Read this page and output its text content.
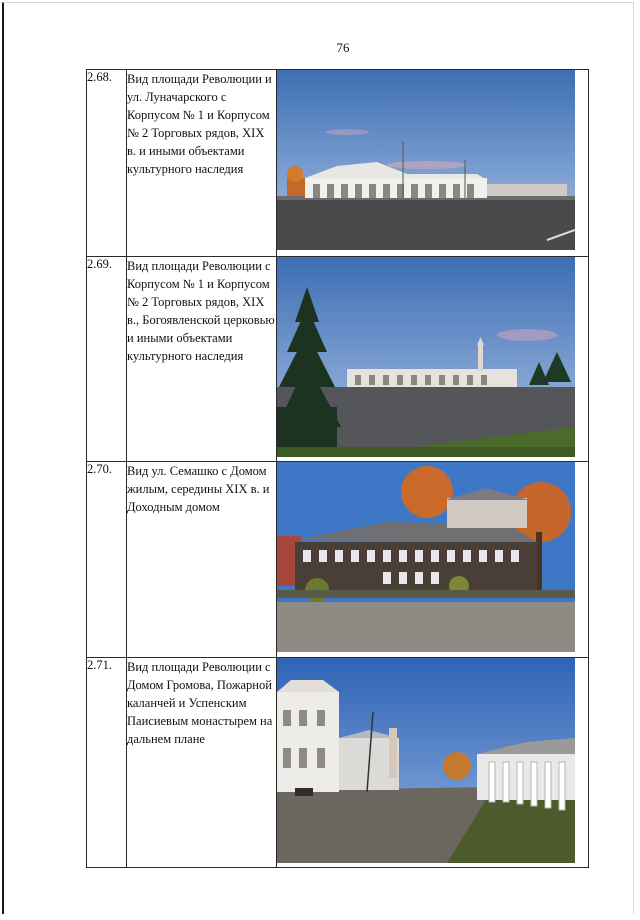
76
2.68.	Вид площади Революции и ул. Луначарского с Корпусом № 1 и Корпусом № 2 Торговых рядов, XIX в. и иными объектами культурного наследия

2.69.	Вид площади Революции с Корпусом № 1 и Корпусом № 2 Торговых рядов, XIX в., Богоявленской церковью и иными объектами культурного наследия

2.70.	Вид ул. Семашко с Домом жилым, середины XIX в. и Доходным домом

2.71.	Вид площади Революции с Домом Громова, Пожарной каланчей и Успенским Паисиевым монастырем на дальнем плане
